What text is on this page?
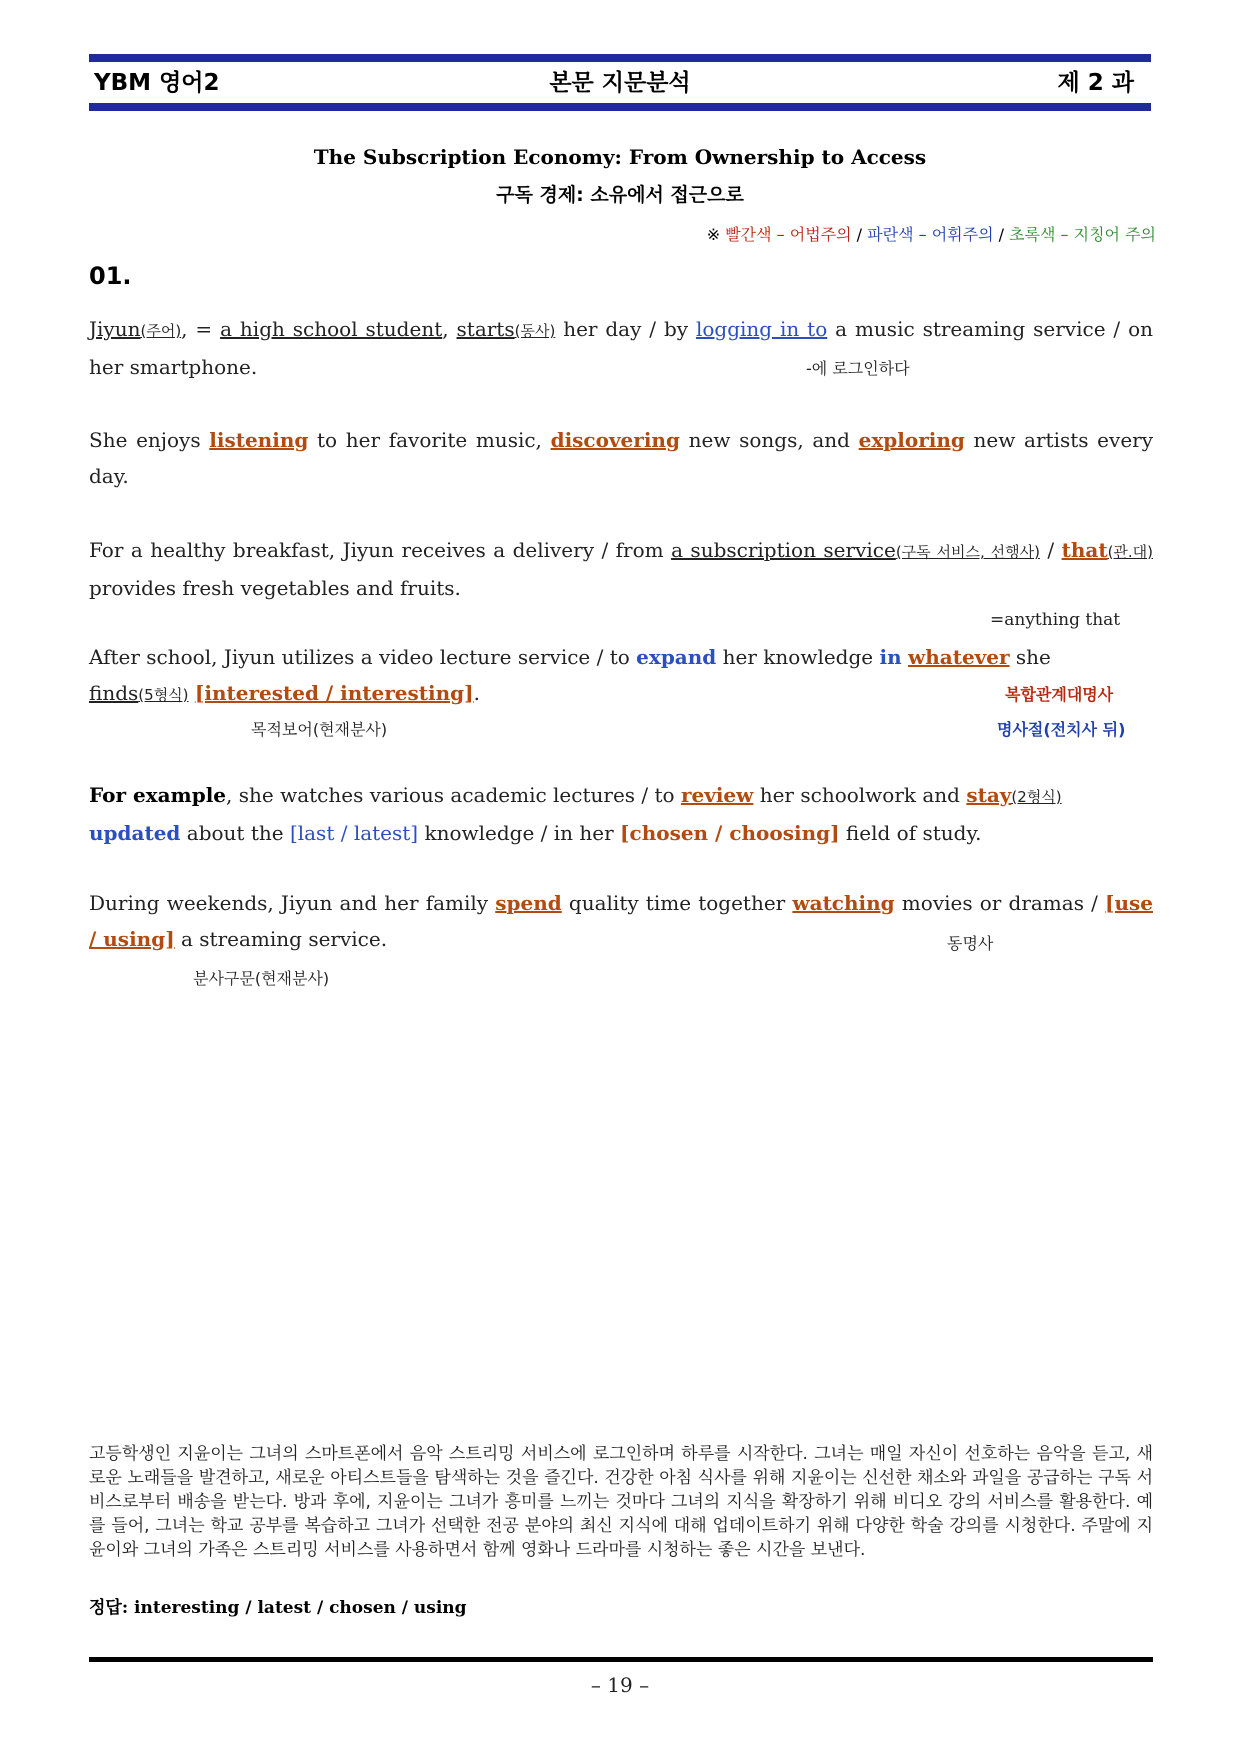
YBM 영어2	본문 지문분석	제 2 과
The Subscription Economy: From Ownership to Access
구독 경제: 소유에서 접근으로
※ 빨간색 – 어법주의 / 파란색 – 어휘주의 / 초록색 – 지칭어 주의
01.
Jiyun(주어), = a high school student, starts(동사) her day / by logging in to a music streaming service / on her smartphone.
She enjoys listening to her favorite music, discovering new songs, and exploring new artists every day.
For a healthy breakfast, Jiyun receives a delivery / from a subscription service(구독 서비스, 선행사) / that(관.대) provides fresh vegetables and fruits.
After school, Jiyun utilizes a video lecture service / to expand her knowledge in whatever she
finds(5형식) [interested / interesting].
For example, she watches various academic lectures / to review her schoolwork and stay(2형식)
updated about the [last / latest] knowledge / in her [chosen / choosing] field of study.
During weekends, Jiyun and her family spend quality time together watching movies or dramas / [use / using] a streaming service.
-에 로그인하다
=anything that
복합관계대명사
목적보어(현재분사)	명사절(전치사 뒤)
동명사
분사구문(현재분사)
고등학생인 지윤이는 그녀의 스마트폰에서 음악 스트리밍 서비스에 로그인하며 하루를 시작한다. 그녀는 매일 자신이 선호하는 음악을 듣고, 새로운 노래들을 발견하고, 새로운 아티스트들을 탐색하는 것을 즐긴다. 건강한 아침 식사를 위해 지윤이는 신선한 채소와 과일을 공급하는 구독 서비스로부터 배송을 받는다. 방과 후에, 지윤이는 그녀가 흥미를 느끼는 것마다 그녀의 지식을 확장하기 위해 비디오 강의 서비스를 활용한다. 예를 들어, 그녀는 학교 공부를 복습하고 그녀가 선택한 전공 분야의 최신 지식에 대해 업데이트하기 위해 다양한 학술 강의를 시청한다. 주말에 지윤이와 그녀의 가족은 스트리밍 서비스를 사용하면서 함께 영화나 드라마를 시청하는 좋은 시간을 보낸다.
정답: interesting / latest / chosen / using
– 19 –
